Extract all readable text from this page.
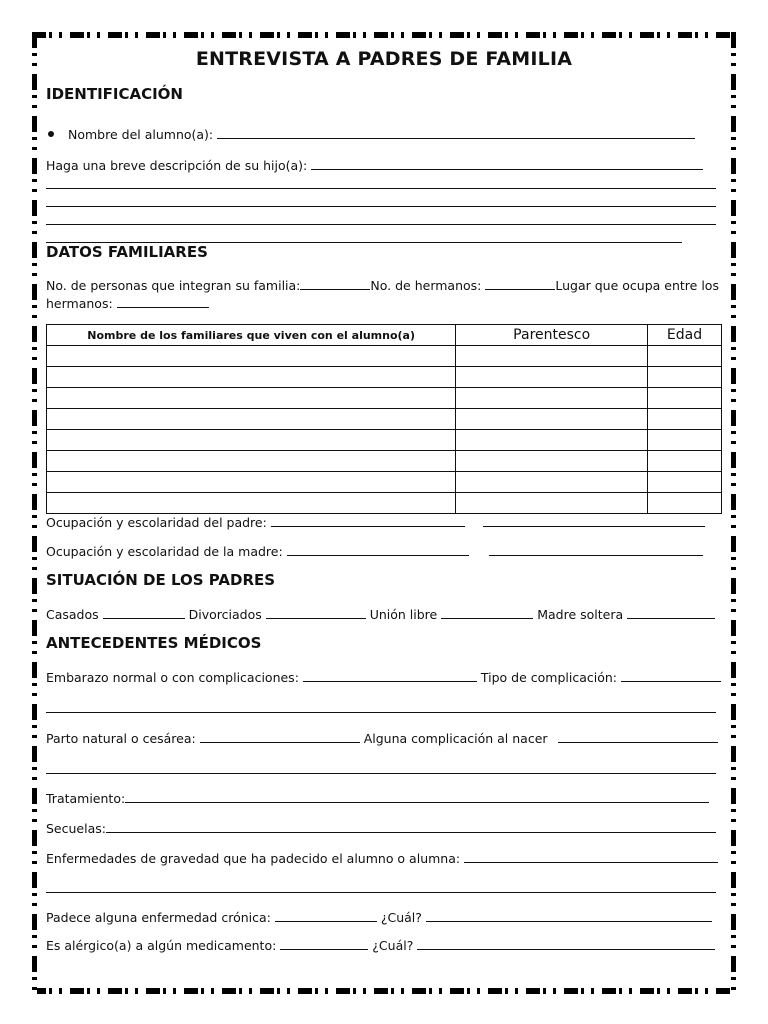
ENTREVISTA A PADRES DE FAMILIA
IDENTIFICACIÓN
Nombre del alumno(a):
Haga una breve descripción de su hijo(a):
DATOS FAMILIARES
No. de personas que integran su familia:	No. de hermanos:	Lugar que ocupa entre los
hermanos:
Nombre de los familiares que viven con el alumno(a)	Parentesco	Edad

Ocupación y escolaridad del padre:
Ocupación y escolaridad de la madre:
SITUACIÓN DE LOS PADRES
Casados	Divorciados	Unión libre	Madre soltera
ANTECEDENTES MÉDICOS
Embarazo normal o con complicaciones:	Tipo de complicación:
Parto natural o cesárea:	Alguna complicación al nacer
Tratamiento:
Secuelas:
Enfermedades de gravedad que ha padecido el alumno o alumna:
Padece alguna enfermedad crónica:	¿Cuál?
Es alérgico(a) a algún medicamento:	¿Cuál?
